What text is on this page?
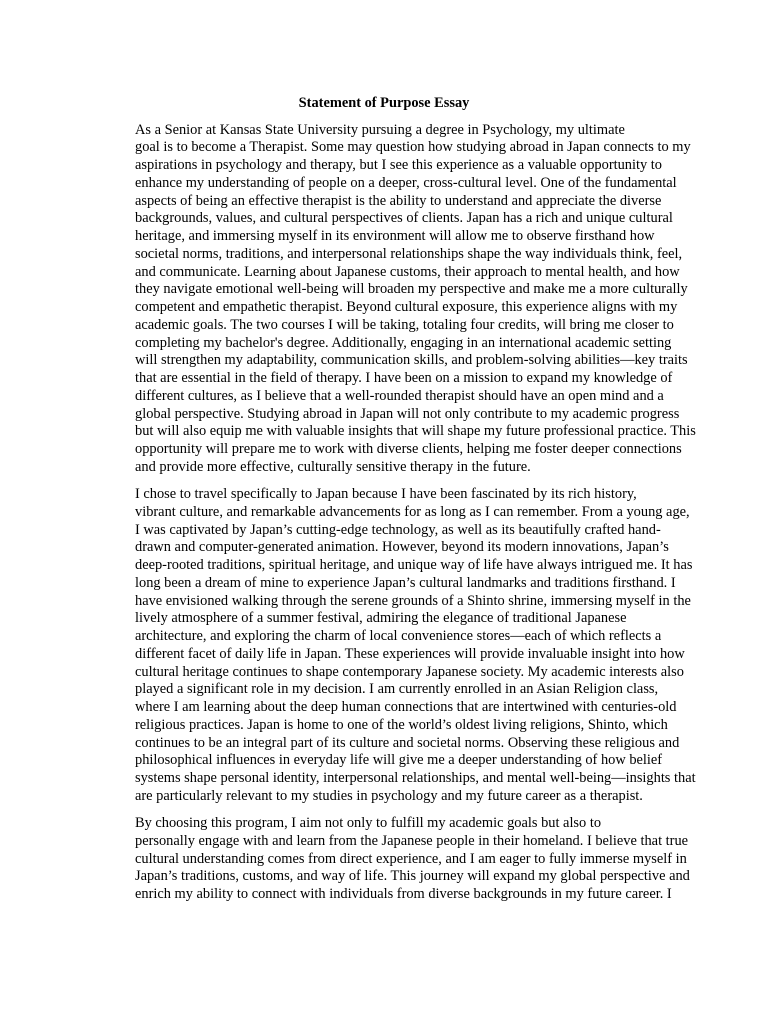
Statement of Purpose Essay

As a Senior at Kansas State University pursuing a degree in Psychology, my ultimate
goal is to become a Therapist. Some may question how studying abroad in Japan connects to my
aspirations in psychology and therapy, but I see this experience as a valuable opportunity to
enhance my understanding of people on a deeper, cross-cultural level. One of the fundamental
aspects of being an effective therapist is the ability to understand and appreciate the diverse
backgrounds, values, and cultural perspectives of clients. Japan has a rich and unique cultural
heritage, and immersing myself in its environment will allow me to observe firsthand how
societal norms, traditions, and interpersonal relationships shape the way individuals think, feel,
and communicate. Learning about Japanese customs, their approach to mental health, and how
they navigate emotional well-being will broaden my perspective and make me a more culturally
competent and empathetic therapist. Beyond cultural exposure, this experience aligns with my
academic goals. The two courses I will be taking, totaling four credits, will bring me closer to
completing my bachelor's degree. Additionally, engaging in an international academic setting
will strengthen my adaptability, communication skills, and problem-solving abilities—key traits
that are essential in the field of therapy. I have been on a mission to expand my knowledge of
different cultures, as I believe that a well-rounded therapist should have an open mind and a
global perspective. Studying abroad in Japan will not only contribute to my academic progress
but will also equip me with valuable insights that will shape my future professional practice. This
opportunity will prepare me to work with diverse clients, helping me foster deeper connections
and provide more effective, culturally sensitive therapy in the future.

I chose to travel specifically to Japan because I have been fascinated by its rich history,
vibrant culture, and remarkable advancements for as long as I can remember. From a young age,
I was captivated by Japan’s cutting-edge technology, as well as its beautifully crafted hand-
drawn and computer-generated animation. However, beyond its modern innovations, Japan’s
deep-rooted traditions, spiritual heritage, and unique way of life have always intrigued me. It has
long been a dream of mine to experience Japan’s cultural landmarks and traditions firsthand. I
have envisioned walking through the serene grounds of a Shinto shrine, immersing myself in the
lively atmosphere of a summer festival, admiring the elegance of traditional Japanese
architecture, and exploring the charm of local convenience stores—each of which reflects a
different facet of daily life in Japan. These experiences will provide invaluable insight into how
cultural heritage continues to shape contemporary Japanese society. My academic interests also
played a significant role in my decision. I am currently enrolled in an Asian Religion class,
where I am learning about the deep human connections that are intertwined with centuries-old
religious practices. Japan is home to one of the world’s oldest living religions, Shinto, which
continues to be an integral part of its culture and societal norms. Observing these religious and
philosophical influences in everyday life will give me a deeper understanding of how belief
systems shape personal identity, interpersonal relationships, and mental well-being—insights that
are particularly relevant to my studies in psychology and my future career as a therapist.

By choosing this program, I aim not only to fulfill my academic goals but also to
personally engage with and learn from the Japanese people in their homeland. I believe that true
cultural understanding comes from direct experience, and I am eager to fully immerse myself in
Japan’s traditions, customs, and way of life. This journey will expand my global perspective and
enrich my ability to connect with individuals from diverse backgrounds in my future career. I
